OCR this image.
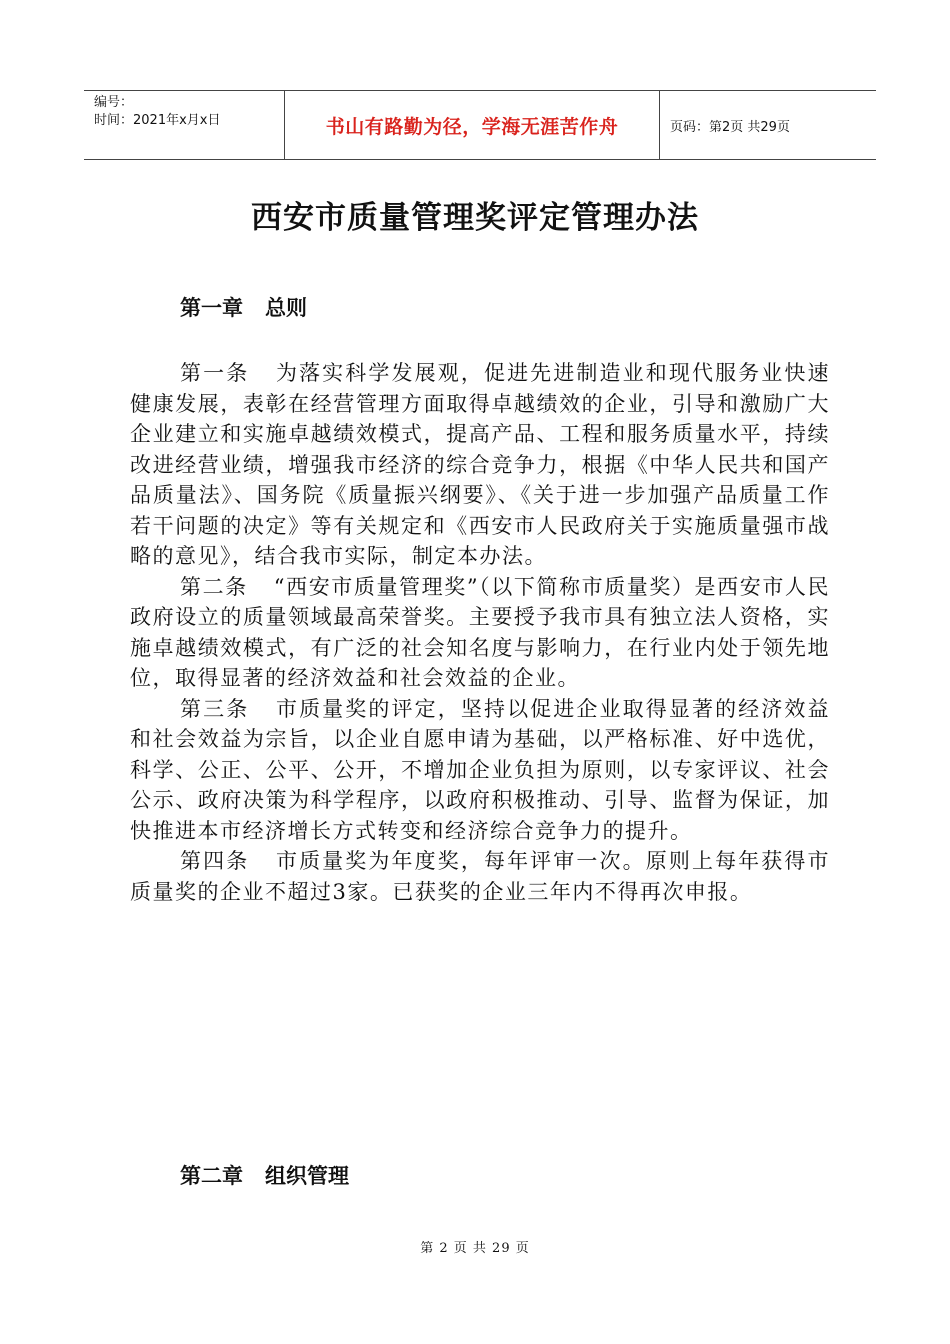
编号：
时间：2021年x月x日	书山有路勤为径，学海无涯苦作舟	页码：第2页 共29页
西安市质量管理奖评定管理办法
第一章 总则

第一条 为落实科学发展观，促进先进制造业和现代服务业快速健康发展，表彰在经营管理方面取得卓越绩效的企业，引导和激励广大企业建立和实施卓越绩效模式，提高产品、工程和服务质量水平，持续改进经营业绩，增强我市经济的综合竞争力，根据《中华人民共和国产品质量法》、国务院《质量振兴纲要》、《关于进一步加强产品质量工作若干问题的决定》等有关规定和《西安市人民政府关于实施质量强市战略的意见》，结合我市实际，制定本办法。

第二条 “西安市质量管理奖”（以下简称市质量奖）是西安市人民政府设立的质量领域最高荣誉奖。主要授予我市具有独立法人资格，实施卓越绩效模式，有广泛的社会知名度与影响力，在行业内处于领先地位，取得显著的经济效益和社会效益的企业。

第三条 市质量奖的评定，坚持以促进企业取得显著的经济效益和社会效益为宗旨，以企业自愿申请为基础，以严格标准、好中选优，科学、公正、公平、公开，不增加企业负担为原则，以专家评议、社会公示、政府决策为科学程序，以政府积极推动、引导、监督为保证，加快推进本市经济增长方式转变和经济综合竞争力的提升。

第四条 市质量奖为年度奖，每年评审一次。原则上每年获得市质量奖的企业不超过3家。已获奖的企业三年内不得再次申报。

第二章 组织管理
第 2 页 共 29 页
